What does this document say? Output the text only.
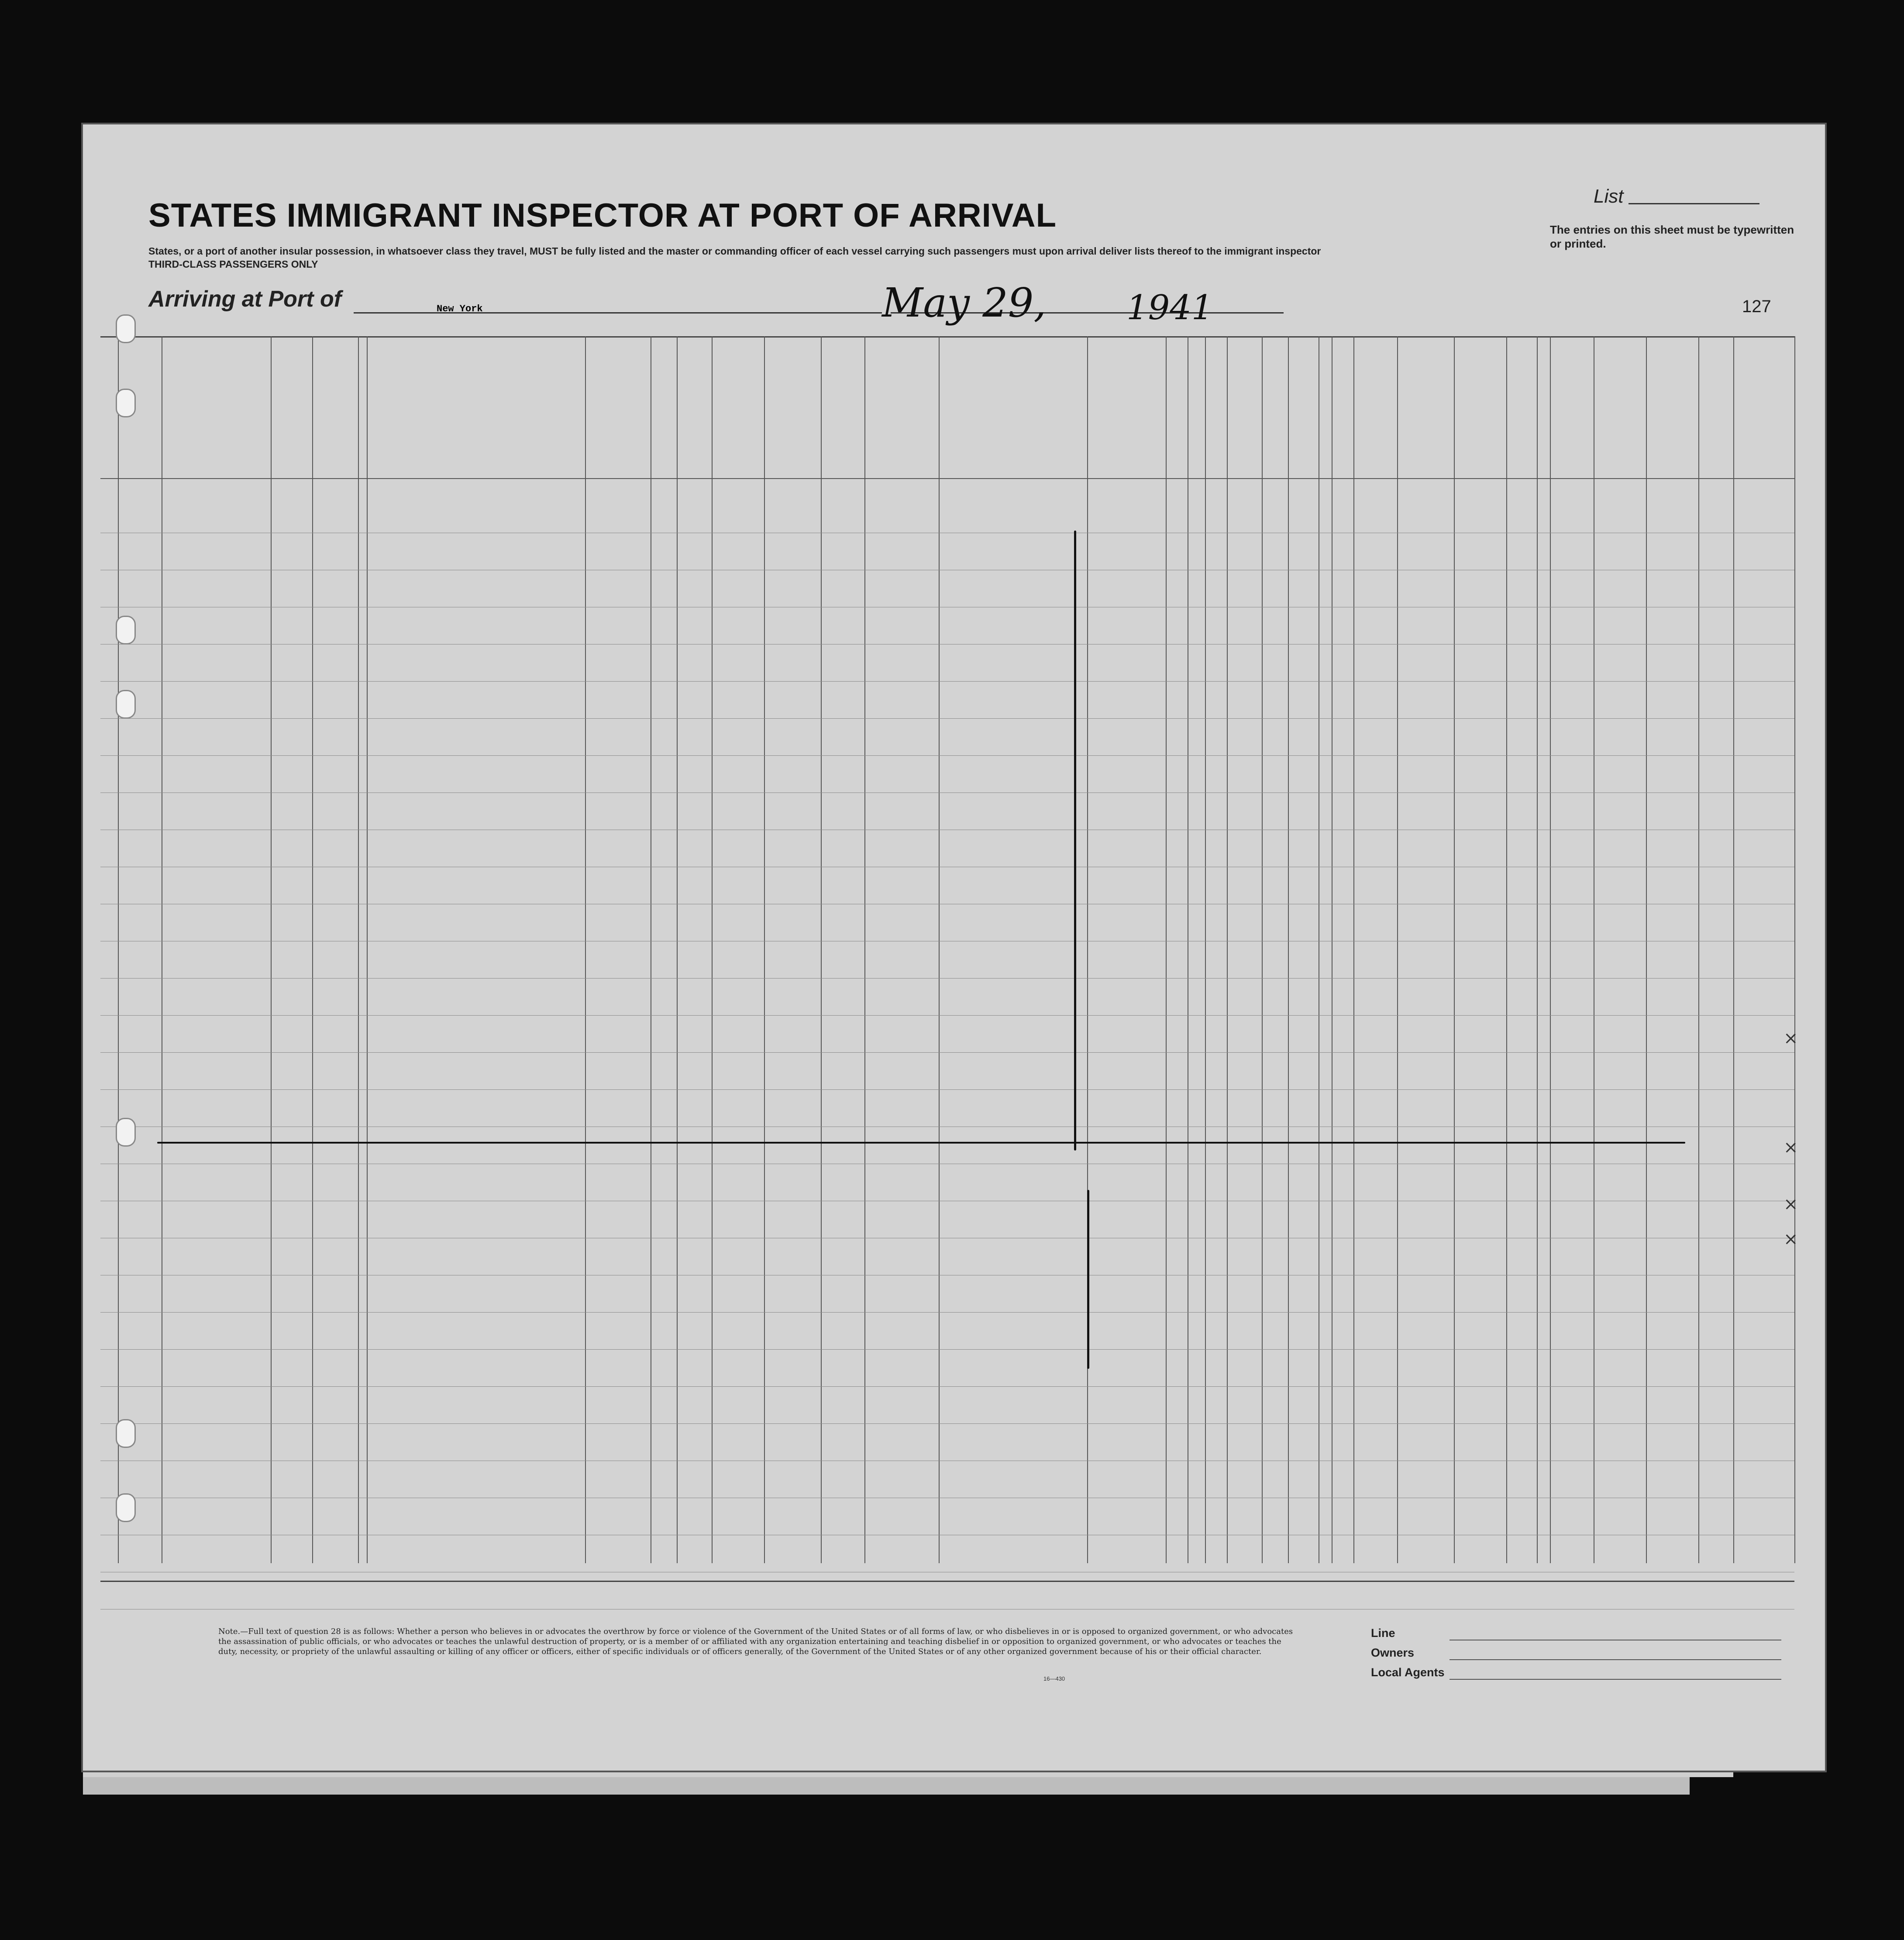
STATES IMMIGRANT INSPECTOR AT PORT OF ARRIVAL
States, or a port of another insular possession, in whatsoever class they travel, MUST be fully listed and the master or commanding officer of each vessel carrying such passengers must upon arrival deliver lists thereof to the immigrant inspector
THIRD-CLASS PASSENGERS ONLY
List
The entries on this sheet must be typewritten or printed.
Arriving at Port of	New York	May 29, 1941	127
×
×
×
×
Note.—Full text of question 28 is as follows: Whether a person who believes in or advocates the overthrow by force or violence of the Government of the United States or of all forms of law, or who disbelieves in or is opposed to organized government, or who advocates the assassination of public officials, or who advocates or teaches the unlawful destruction of property, or is a member of or affiliated with any organization entertaining and teaching disbelief in or opposition to organized government, or who advocates or teaches the duty, necessity, or propriety of the unlawful assaulting or killing of any officer or officers, either of specific individuals or of officers generally, of the Government of the United States or of any other organized government because of his or their official character.
16—430
Line
Owners
Local Agents
